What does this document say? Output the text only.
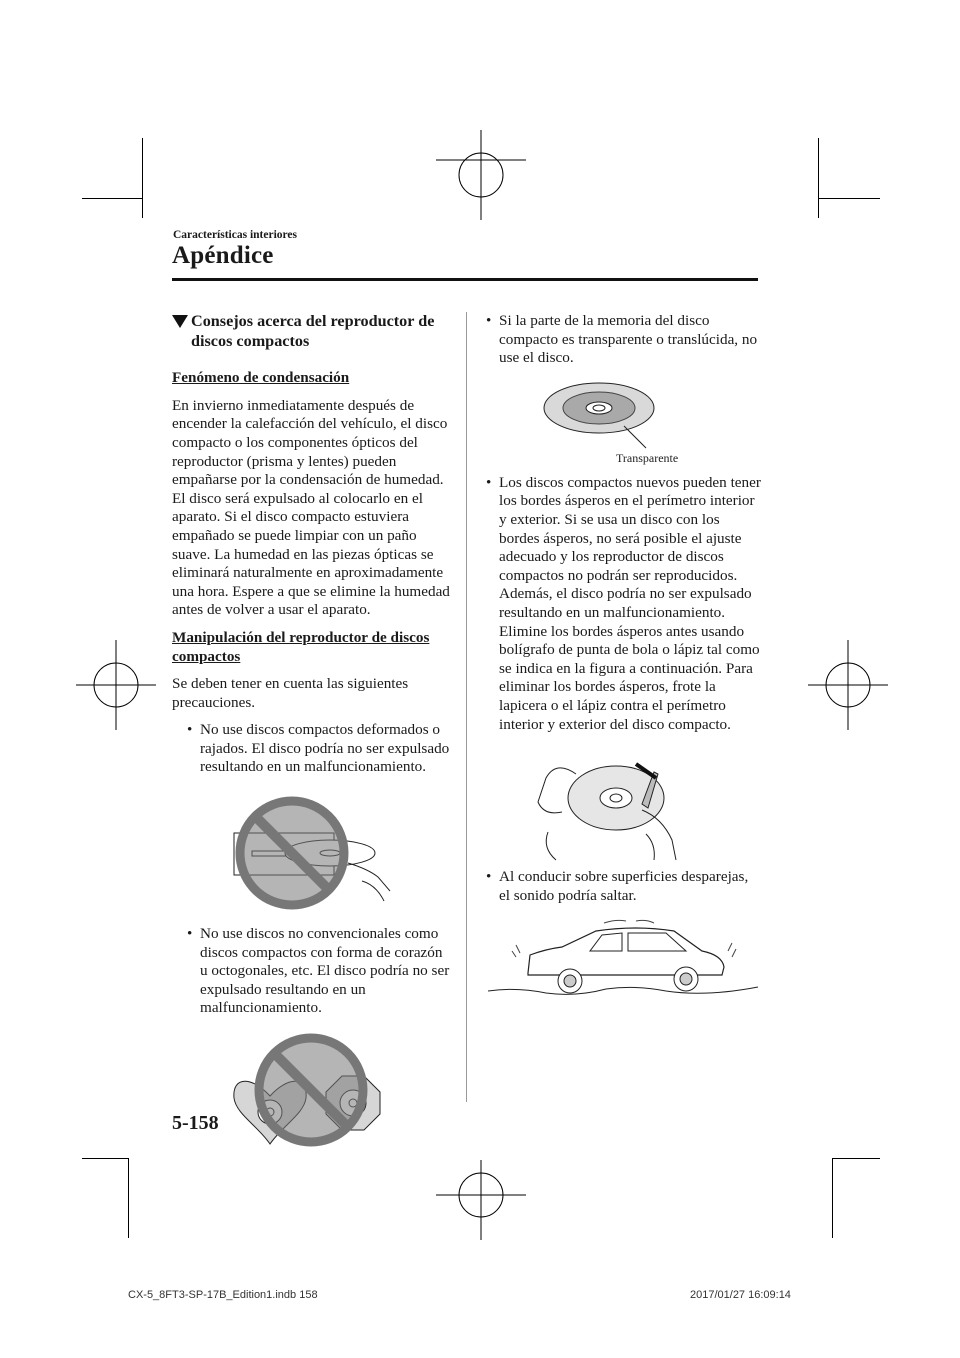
Características interiores
Apéndice
Consejos acerca del reproductor de discos compactos
Fenómeno de condensación
En invierno inmediatamente después de encender la calefacción del vehículo, el disco compacto o los componentes ópticos del reproductor (prisma y lentes) pueden empañarse por la condensación de humedad. El disco será expulsado al colocarlo en el aparato. Si el disco compacto estuviera empañado se puede limpiar con un paño suave. La humedad en las piezas ópticas se eliminará naturalmente en aproximadamente una hora. Espere a que se elimine la humedad antes de volver a usar el aparato.
Manipulación del reproductor de discos compactos
Se deben tener en cuenta las siguientes precauciones.
• No use discos compactos deformados o rajados. El disco podría no ser expulsado resultando en un malfuncionamiento.
• No use discos no convencionales como discos compactos con forma de corazón u octogonales, etc. El disco podría no ser expulsado resultando en un malfuncionamiento.
• Si la parte de la memoria del disco compacto es transparente o translúcida, no use el disco.
Transparente
• Los discos compactos nuevos pueden tener los bordes ásperos en el perímetro interior y exterior. Si se usa un disco con los bordes ásperos, no será posible el ajuste adecuado y los reproductor de discos compactos no podrán ser reproducidos. Además, el disco podría no ser expulsado resultando en un malfuncionamiento. Elimine los bordes ásperos antes usando bolígrafo de punta de bola o lápiz tal como se indica en la figura a continuación. Para eliminar los bordes ásperos, frote la lapicera o el lápiz contra el perímetro interior y exterior del disco compacto.
• Al conducir sobre superficies desparejas, el sonido podría saltar.
5-158
CX-5_8FT3-SP-17B_Edition1.indb 158	2017/01/27 16:09:14
